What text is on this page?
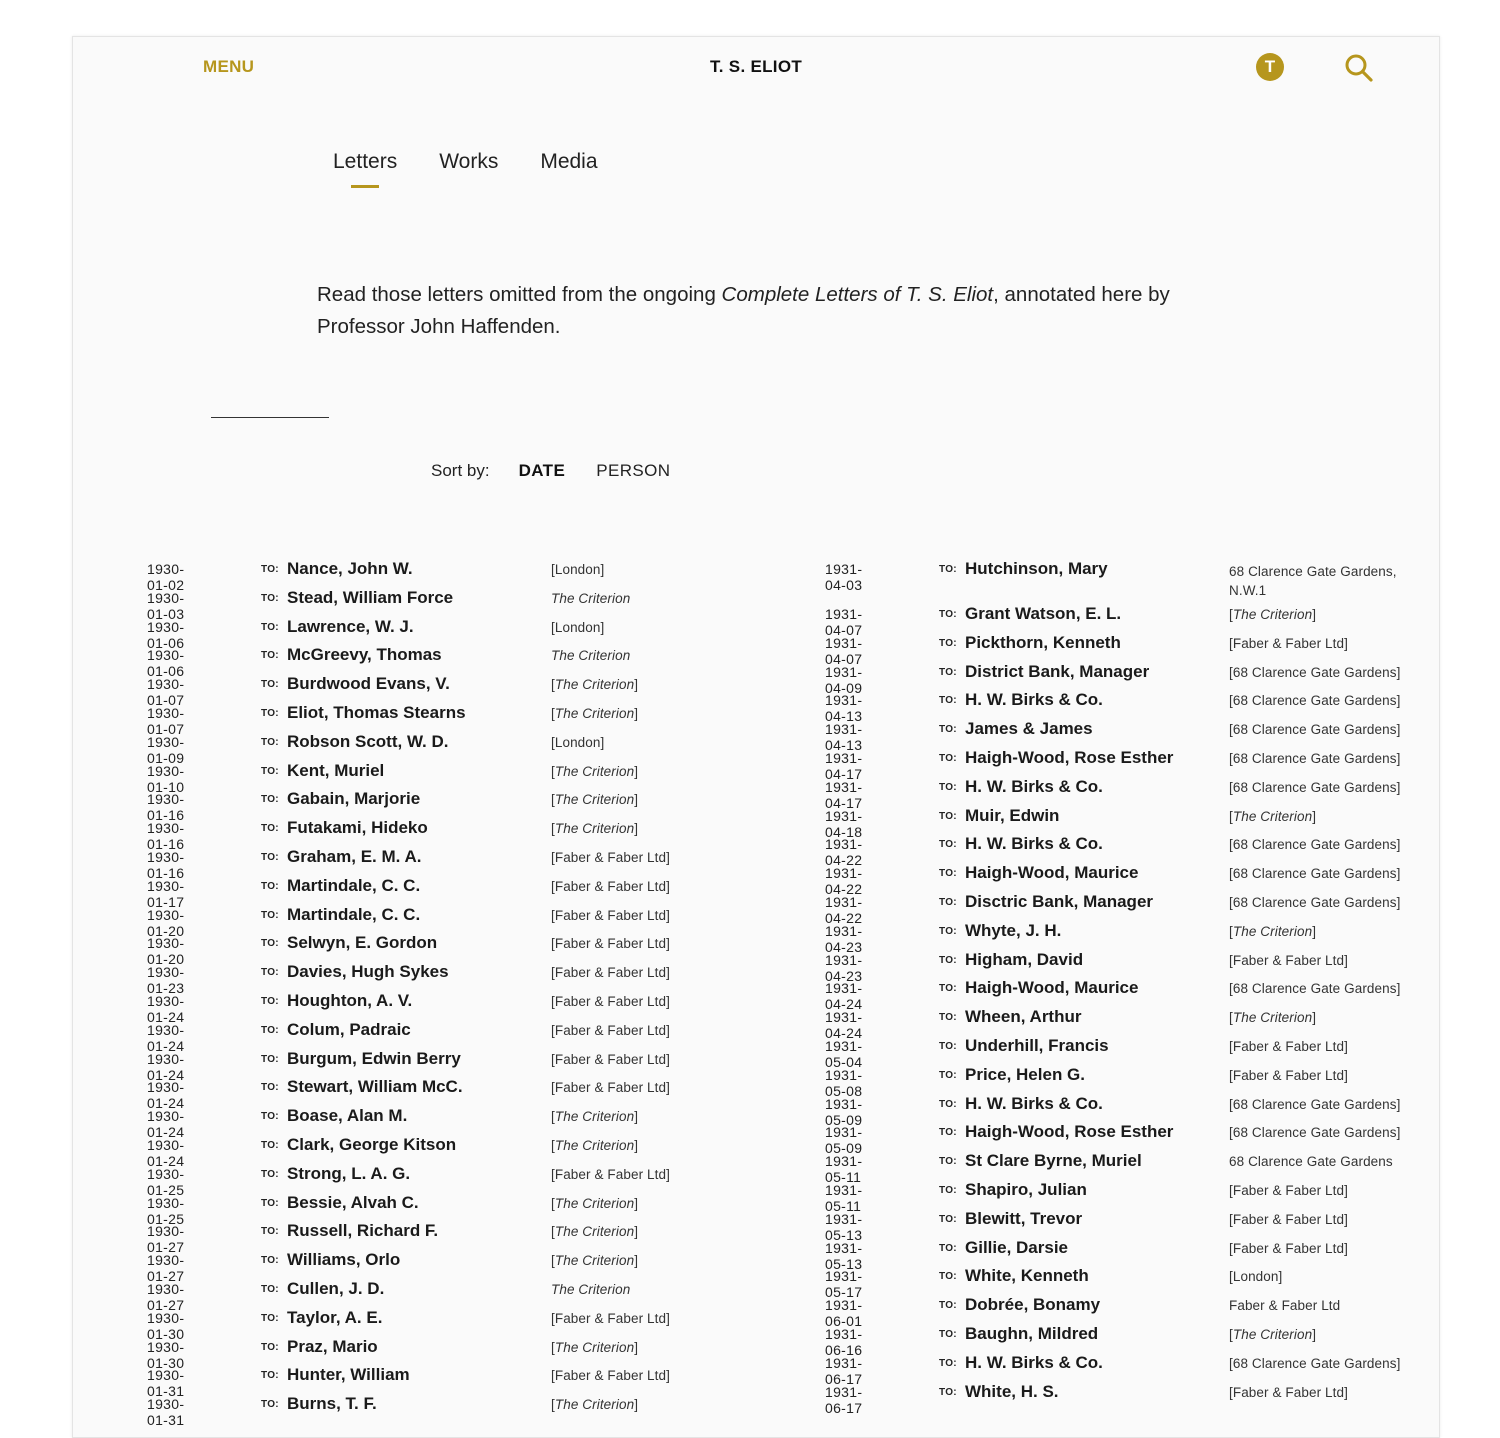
MENU	T. S. ELIOT	T
Letters Works Media
Read those letters omitted from the ongoing Complete Letters of T. S. Eliot, annotated here by Professor John Haffenden.
Sort by: DATE PERSON
1930-01-02
TO: Nance, John W.	[London]
1930-01-03
TO: Stead, William Force	The Criterion
1930-01-06
TO: Lawrence, W. J.	[London]
1930-01-06
TO: McGreevy, Thomas	The Criterion
1930-01-07
TO: Burdwood Evans, V.	[The Criterion]
1930-01-07
TO: Eliot, Thomas Stearns	[The Criterion]
1930-01-09
TO: Robson Scott, W. D.	[London]
1930-01-10
TO: Kent, Muriel	[The Criterion]
1930-01-16
TO: Gabain, Marjorie	[The Criterion]
1930-01-16
TO: Futakami, Hideko	[The Criterion]
1930-01-16
TO: Graham, E. M. A.	[Faber & Faber Ltd]
1930-01-17
TO: Martindale, C. C.	[Faber & Faber Ltd]
1930-01-20
TO: Martindale, C. C.	[Faber & Faber Ltd]
1930-01-20
TO: Selwyn, E. Gordon	[Faber & Faber Ltd]
1930-01-23
TO: Davies, Hugh Sykes	[Faber & Faber Ltd]
1930-01-24
TO: Houghton, A. V.	[Faber & Faber Ltd]
1930-01-24
TO: Colum, Padraic	[Faber & Faber Ltd]
1930-01-24
TO: Burgum, Edwin Berry	[Faber & Faber Ltd]
1930-01-24
TO: Stewart, William McC.	[Faber & Faber Ltd]
1930-01-24
TO: Boase, Alan M.	[The Criterion]
1930-01-24
TO: Clark, George Kitson	[The Criterion]
1930-01-25
TO: Strong, L. A. G.	[Faber & Faber Ltd]
1930-01-25
TO: Bessie, Alvah C.	[The Criterion]
1930-01-27
TO: Russell, Richard F.	[The Criterion]
1930-01-27
TO: Williams, Orlo	[The Criterion]
1930-01-27
TO: Cullen, J. D.	The Criterion
1930-01-30
TO: Taylor, A. E.	[Faber & Faber Ltd]
1930-01-30
TO: Praz, Mario	[The Criterion]
1930-01-31
TO: Hunter, William	[Faber & Faber Ltd]
1930-01-31
TO: Burns, T. F.	[The Criterion]
1931-04-03
TO: Hutchinson, Mary	68 Clarence Gate Gardens, N.W.1
1931-04-07
TO: Grant Watson, E. L.	[The Criterion]
1931-04-07
TO: Pickthorn, Kenneth	[Faber & Faber Ltd]
1931-04-09
TO: District Bank, Manager	[68 Clarence Gate Gardens]
1931-04-13
TO: H. W. Birks & Co.	[68 Clarence Gate Gardens]
1931-04-13
TO: James & James	[68 Clarence Gate Gardens]
1931-04-17
TO: Haigh-Wood, Rose Esther	[68 Clarence Gate Gardens]
1931-04-17
TO: H. W. Birks & Co.	[68 Clarence Gate Gardens]
1931-04-18
TO: Muir, Edwin	[The Criterion]
1931-04-22
TO: H. W. Birks & Co.	[68 Clarence Gate Gardens]
1931-04-22
TO: Haigh-Wood, Maurice	[68 Clarence Gate Gardens]
1931-04-22
TO: Disctric Bank, Manager	[68 Clarence Gate Gardens]
1931-04-23
TO: Whyte, J. H.	[The Criterion]
1931-04-23
TO: Higham, David	[Faber & Faber Ltd]
1931-04-24
TO: Haigh-Wood, Maurice	[68 Clarence Gate Gardens]
1931-04-24
TO: Wheen, Arthur	[The Criterion]
1931-05-04
TO: Underhill, Francis	[Faber & Faber Ltd]
1931-05-08
TO: Price, Helen G.	[Faber & Faber Ltd]
1931-05-09
TO: H. W. Birks & Co.	[68 Clarence Gate Gardens]
1931-05-09
TO: Haigh-Wood, Rose Esther	[68 Clarence Gate Gardens]
1931-05-11
TO: St Clare Byrne, Muriel	68 Clarence Gate Gardens
1931-05-11
TO: Shapiro, Julian	[Faber & Faber Ltd]
1931-05-13
TO: Blewitt, Trevor	[Faber & Faber Ltd]
1931-05-13
TO: Gillie, Darsie	[Faber & Faber Ltd]
1931-05-17
TO: White, Kenneth	[London]
1931-06-01
TO: Dobrée, Bonamy	Faber & Faber Ltd
1931-06-16
TO: Baughn, Mildred	[The Criterion]
1931-06-17
TO: H. W. Birks & Co.	[68 Clarence Gate Gardens]
1931-06-17
TO: White, H. S.	[Faber & Faber Ltd]
